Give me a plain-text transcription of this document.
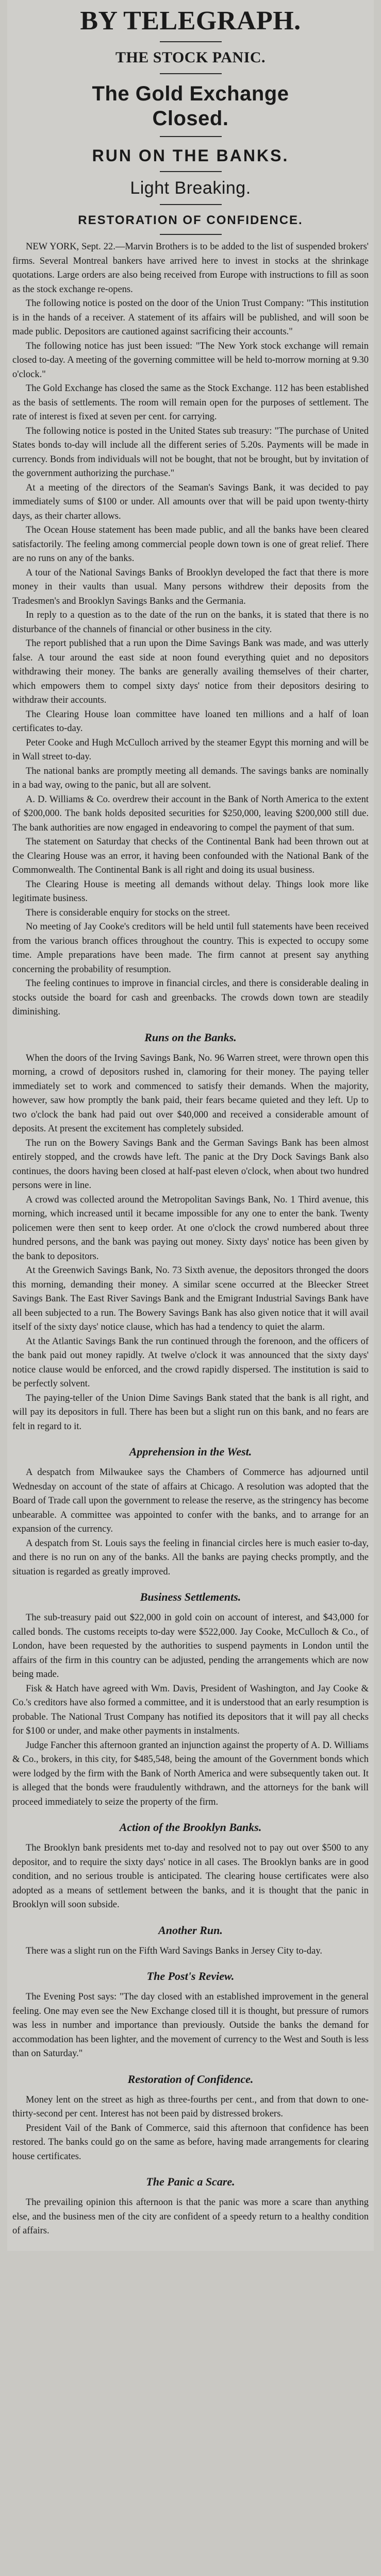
BY TELEGRAPH.
THE STOCK PANIC.
The Gold Exchange
Closed.
RUN ON THE BANKS.
Light Breaking.
RESTORATION OF CONFIDENCE.

NEW YORK, Sept. 22.—Marvin Brothers is to be added to the list of suspended brokers' firms. Several Montreal bankers have arrived here to invest in stocks at the shrinkage quotations. Large orders are also being received from Europe with instructions to fill as soon as the stock exchange re-opens.

The following notice is posted on the door of the Union Trust Company: "This institution is in the hands of a receiver. A statement of its affairs will be published, and will soon be made public. Depositors are cautioned against sacrificing their accounts."

The following notice has just been issued: "The New York stock exchange will remain closed to-day. A meeting of the governing committee will be held to-morrow morning at 9.30 o'clock."

The Gold Exchange has closed the same as the Stock Exchange. 112 has been established as the basis of settlements. The room will remain open for the purposes of settlement. The rate of interest is fixed at seven per cent. for carrying.

The following notice is posted in the United States sub treasury: "The purchase of United States bonds to-day will include all the different series of 5.20s. Payments will be made in currency. Bonds from individuals will not be bought, that not be brought, but by invitation of the government authorizing the purchase."

At a meeting of the directors of the Seaman's Savings Bank, it was decided to pay immediately sums of $100 or under. All amounts over that will be paid upon twenty-thirty days, as their charter allows.

The Ocean House statement has been made public, and all the banks have been cleared satisfactorily. The feeling among commercial people down town is one of great relief. There are no runs on any of the banks.

A tour of the National Savings Banks of Brooklyn developed the fact that there is more money in their vaults than usual. Many persons withdrew their deposits from the Tradesmen's and Brooklyn Savings Banks and the Germania.

In reply to a question as to the date of the run on the banks, it is stated that there is no disturbance of the channels of financial or other business in the city.

The report published that a run upon the Dime Savings Bank was made, and was utterly false. A tour around the east side at noon found everything quiet and no depositors withdrawing their money. The banks are generally availing themselves of their charter, which empowers them to compel sixty days' notice from their depositors desiring to withdraw their accounts.

The Clearing House loan committee have loaned ten millions and a half of loan certificates to-day.

Peter Cooke and Hugh McCulloch arrived by the steamer Egypt this morning and will be in Wall street to-day.

The national banks are promptly meeting all demands. The savings banks are nominally in a bad way, owing to the panic, but all are solvent.

A. D. Williams & Co. overdrew their account in the Bank of North America to the extent of $200,000. The bank holds deposited securities for $250,000, leaving $200,000 still due. The bank authorities are now engaged in endeavoring to compel the payment of that sum.

The statement on Saturday that checks of the Continental Bank had been thrown out at the Clearing House was an error, it having been confounded with the National Bank of the Commonwealth. The Continental Bank is all right and doing its usual business.

The Clearing House is meeting all demands without delay. Things look more like legitimate business.

There is considerable enquiry for stocks on the street.

No meeting of Jay Cooke's creditors will be held until full statements have been received from the various branch offices throughout the country. This is expected to occupy some time. Ample preparations have been made. The firm cannot at present say anything concerning the probability of resumption.

The feeling continues to improve in financial circles, and there is considerable dealing in stocks outside the board for cash and greenbacks. The crowds down town are steadily diminishing.

Runs on the Banks.

When the doors of the Irving Savings Bank, No. 96 Warren street, were thrown open this morning, a crowd of depositors rushed in, clamoring for their money. The paying teller immediately set to work and commenced to satisfy their demands. When the majority, however, saw how promptly the bank paid, their fears became quieted and they left. Up to two o'clock the bank had paid out over $40,000 and received a considerable amount of deposits. At present the excitement has completely subsided.

The run on the Bowery Savings Bank and the German Savings Bank has been almost entirely stopped, and the crowds have left. The panic at the Dry Dock Savings Bank also continues, the doors having been closed at half-past eleven o'clock, when about two hundred persons were in line.

A crowd was collected around the Metropolitan Savings Bank, No. 1 Third avenue, this morning, which increased until it became impossible for any one to enter the bank. Twenty policemen were then sent to keep order. At one o'clock the crowd numbered about three hundred persons, and the bank was paying out money. Sixty days' notice has been given by the bank to depositors.

At the Greenwich Savings Bank, No. 73 Sixth avenue, the depositors thronged the doors this morning, demanding their money. A similar scene occurred at the Bleecker Street Savings Bank. The East River Savings Bank and the Emigrant Industrial Savings Bank have all been subjected to a run. The Bowery Savings Bank has also given notice that it will avail itself of the sixty days' notice clause, which has had a tendency to quiet the alarm.

At the Atlantic Savings Bank the run continued through the forenoon, and the officers of the bank paid out money rapidly. At twelve o'clock it was announced that the sixty days' notice clause would be enforced, and the crowd rapidly dispersed. The institution is said to be perfectly solvent.

The paying-teller of the Union Dime Savings Bank stated that the bank is all right, and will pay its depositors in full. There has been but a slight run on this bank, and no fears are felt in regard to it.

Apprehension in the West.

A despatch from Milwaukee says the Chambers of Commerce has adjourned until Wednesday on account of the state of affairs at Chicago. A resolution was adopted that the Board of Trade call upon the government to release the reserve, as the stringency has become unbearable. A committee was appointed to confer with the banks, and to arrange for an expansion of the currency.

A despatch from St. Louis says the feeling in financial circles here is much easier to-day, and there is no run on any of the banks. All the banks are paying checks promptly, and the situation is regarded as greatly improved.

Business Settlements.

The sub-treasury paid out $22,000 in gold coin on account of interest, and $43,000 for called bonds. The customs receipts to-day were $522,000. Jay Cooke, McCulloch & Co., of London, have been requested by the authorities to suspend payments in London until the affairs of the firm in this country can be adjusted, pending the arrangements which are now being made.

Fisk & Hatch have agreed with Wm. Davis, President of Washington, and Jay Cooke & Co.'s creditors have also formed a committee, and it is understood that an early resumption is probable. The National Trust Company has notified its depositors that it will pay all checks for $100 or under, and make other payments in instalments.

Judge Fancher this afternoon granted an injunction against the property of A. D. Williams & Co., brokers, in this city, for $485,548, being the amount of the Government bonds which were lodged by the firm with the Bank of North America and were subsequently taken out. It is alleged that the bonds were fraudulently withdrawn, and the attorneys for the bank will proceed immediately to seize the property of the firm.

Action of the Brooklyn Banks.

The Brooklyn bank presidents met to-day and resolved not to pay out over $500 to any depositor, and to require the sixty days' notice in all cases. The Brooklyn banks are in good condition, and no serious trouble is anticipated. The clearing house certificates were also adopted as a means of settlement between the banks, and it is thought that the panic in Brooklyn will soon subside.

Another Run.

There was a slight run on the Fifth Ward Savings Banks in Jersey City to-day.

The Post's Review.

The Evening Post says: "The day closed with an established improvement in the general feeling. One may even see the New Exchange closed till it is thought, but pressure of rumors was less in number and importance than previously. Outside the banks the demand for accommodation has been lighter, and the movement of currency to the West and South is less than on Saturday."

Restoration of Confidence.

Money lent on the street as high as three-fourths per cent., and from that down to one-thirty-second per cent. Interest has not been paid by distressed brokers.

President Vail of the Bank of Commerce, said this afternoon that confidence has been restored. The banks could go on the same as before, having made arrangements for clearing house certificates.

The Panic a Scare.

The prevailing opinion this afternoon is that the panic was more a scare than anything else, and the business men of the city are confident of a speedy return to a healthy condition of affairs.
